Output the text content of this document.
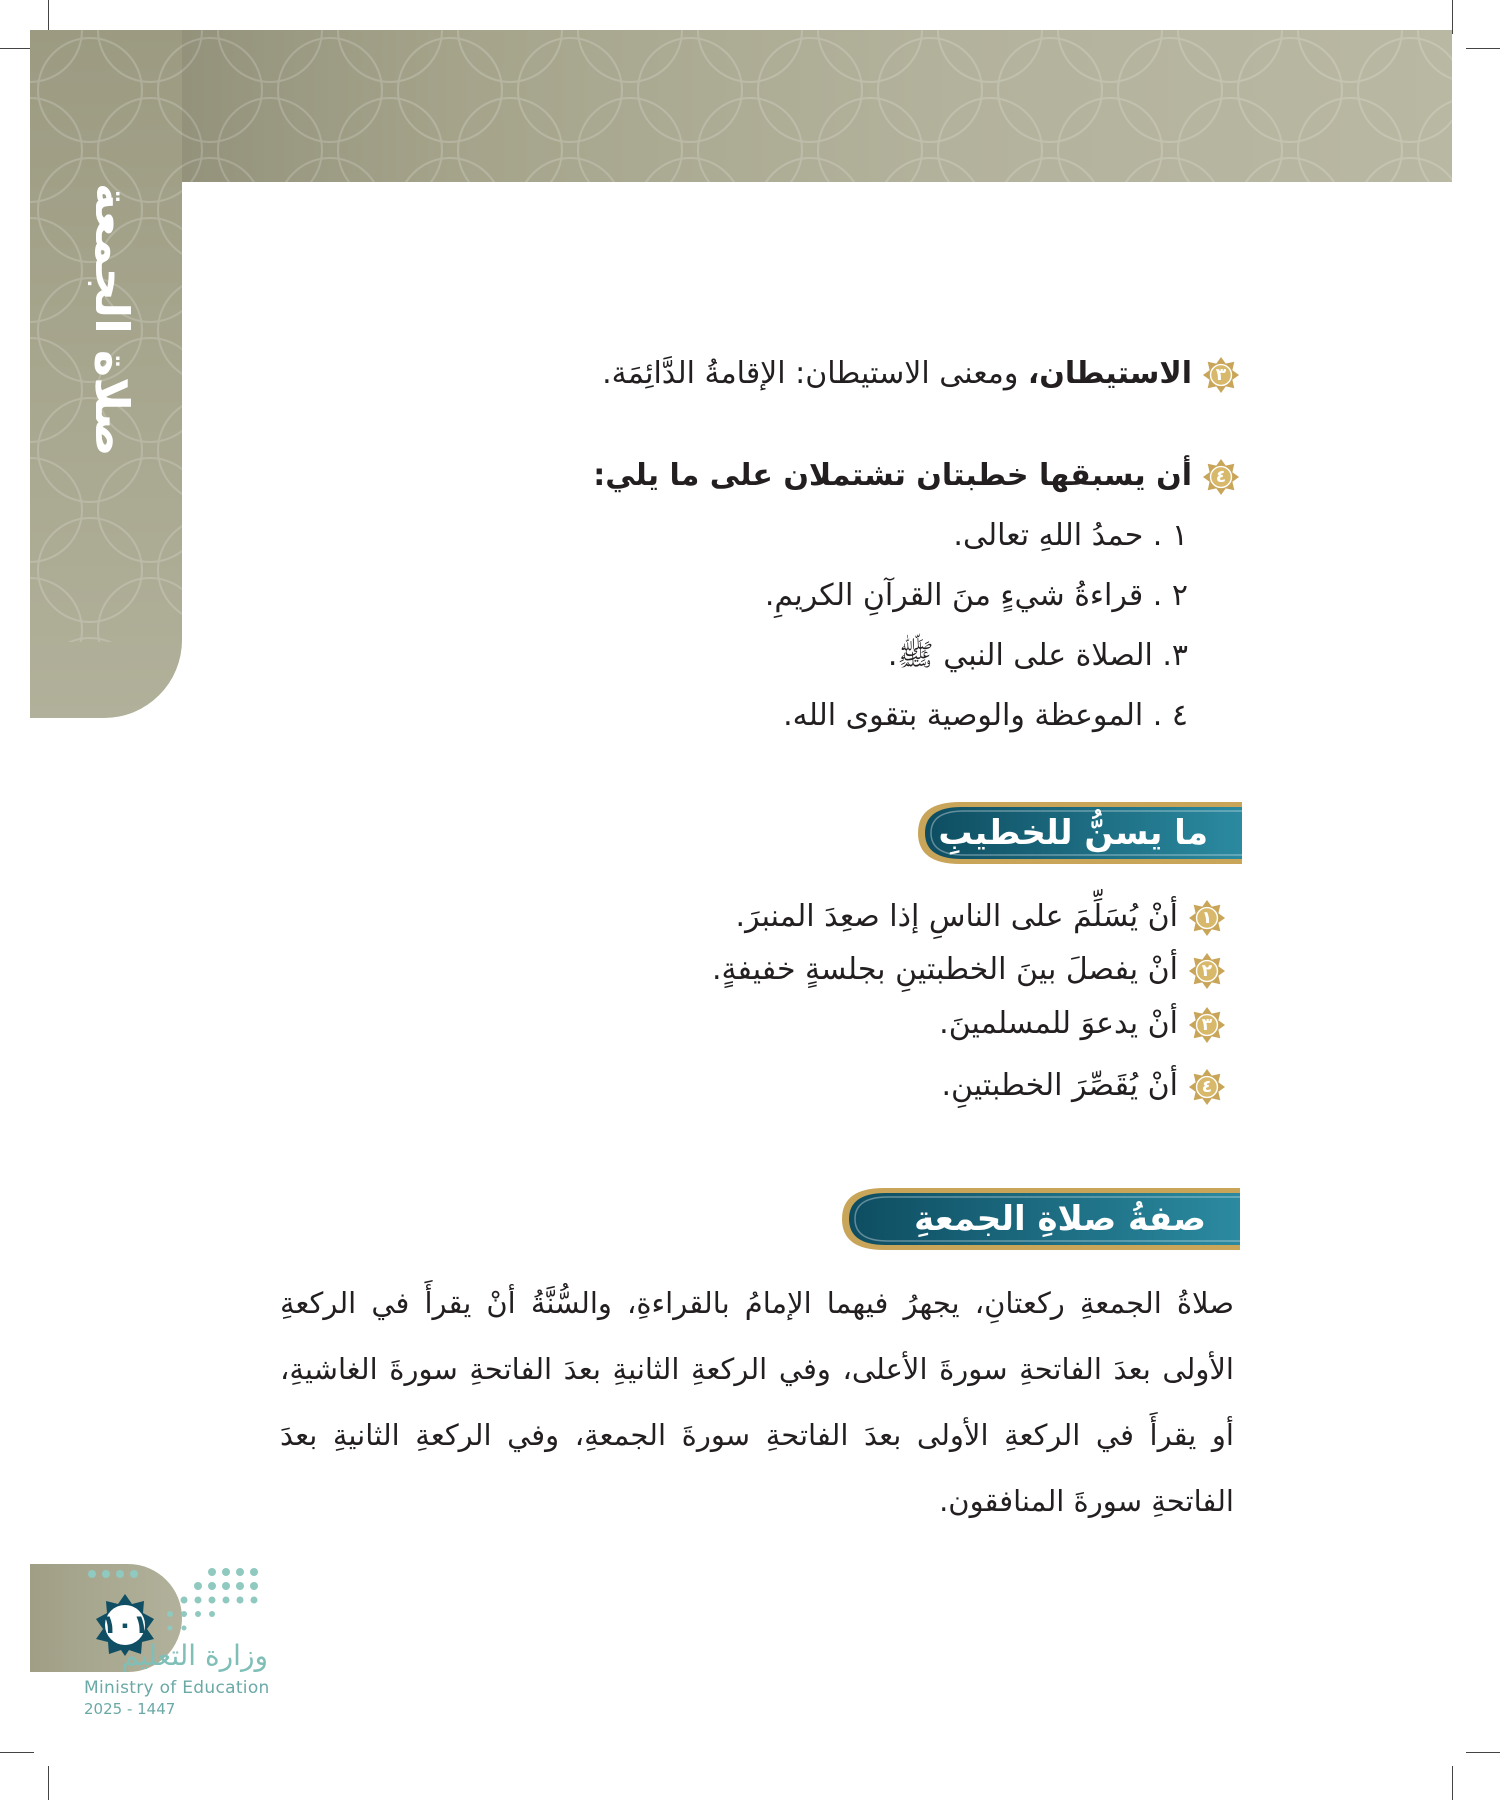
صلاة الجمعة	٣
الاستيطان، ومعنى الاستيطان: الإقامةُ الدَّائِمَة.
٤
أن يسبقها خطبتان تشتملان على ما يلي:
١ . حمدُ اللهِ تعالى.
٢ . قراءةُ شيءٍ منَ القرآنِ الكريمِ.
٣. الصلاة على النبي ﷺ.
٤ . الموعظة والوصية بتقوى الله.
ما يسنُّ للخطيبِ
١
أنْ يُسَلِّمَ على الناسِ إذا صعِدَ المنبرَ.
٢
أنْ يفصلَ بينَ الخطبتينِ بجلسةٍ خفيفةٍ.
٣
أنْ يدعوَ للمسلمينَ.
٤
أنْ يُقَصِّرَ الخطبتينِ.
صفةُ صلاةِ الجمعةِ
صلاةُ الجمعةِ ركعتانِ، يجهرُ فيهما الإمامُ بالقراءةِ، والسُّنَّةُ أنْ يقرأَ في الركعةِ الأولى بعدَ الفاتحةِ سورةَ الأعلى، وفي الركعةِ الثانيةِ بعدَ الفاتحةِ سورةَ الغاشيةِ، أو يقرأَ في الركعةِ الأولى بعدَ الفاتحةِ سورةَ الجمعةِ، وفي الركعةِ الثانيةِ بعدَ الفاتحةِ سورةَ المنافقون.
١٠١
وزارة التعليم
Ministry of Education
2025 - 1447
